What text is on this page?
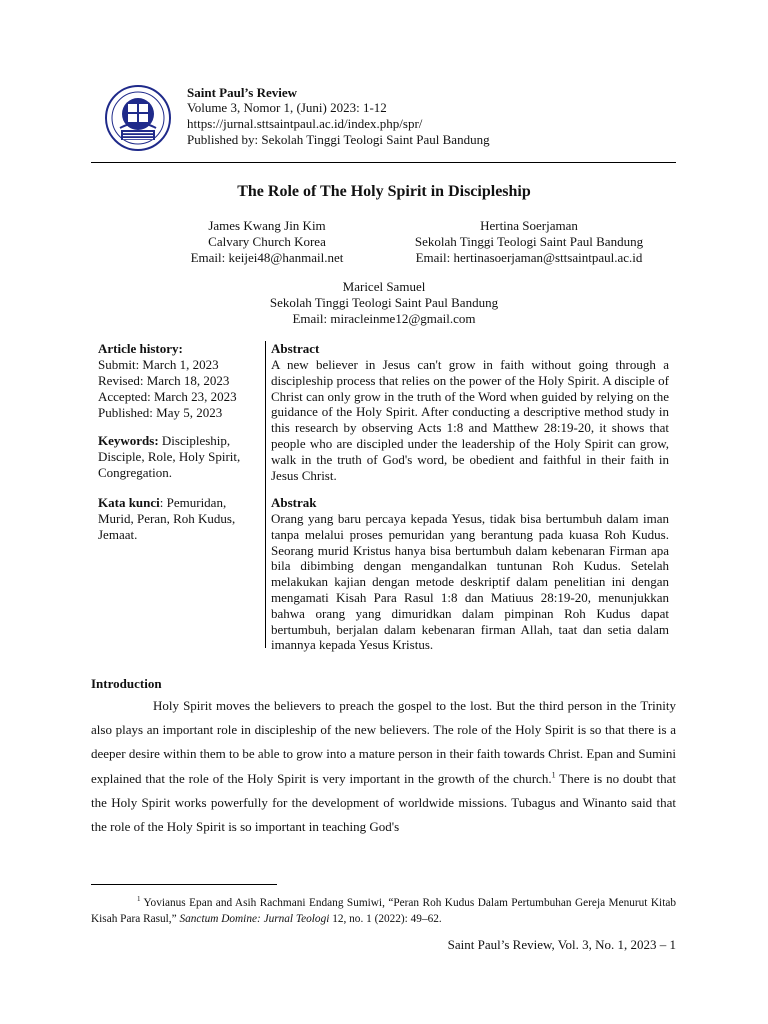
Saint Paul’s Review
Volume 3, Nomor 1, (Juni) 2023: 1-12
https://jurnal.sttsaintpaul.ac.id/index.php/spr/
Published by: Sekolah Tinggi Teologi Saint Paul Bandung
The Role of The Holy Spirit in Discipleship
James Kwang Jin Kim
Calvary Church Korea
Email: keijei48@hanmail.net
Hertina Soerjaman
Sekolah Tinggi Teologi Saint Paul Bandung
Email: hertinasoerjaman@sttsaintpaul.ac.id
Maricel Samuel
Sekolah Tinggi Teologi Saint Paul Bandung
Email: miracleinme12@gmail.com
Article history:
Submit: March 1, 2023
Revised: March 18, 2023
Accepted: March 23, 2023
Published: May 5, 2023
Keywords: Discipleship, Disciple, Role, Holy Spirit, Congregation.
Kata kunci: Pemuridan, Murid, Peran, Roh Kudus, Jemaat.
Abstract
A new believer in Jesus can't grow in faith without going through a discipleship process that relies on the power of the Holy Spirit. A disciple of Christ can only grow in the truth of the Word when guided by relying on the guidance of the Holy Spirit. After conducting a descriptive method study in this research by observing Acts 1:8 and Matthew 28:19-20, it shows that people who are discipled under the leadership of the Holy Spirit can grow, walk in the truth of God's word, be obedient and faithful in their faith in Jesus Christ.
Abstrak
Orang yang baru percaya kepada Yesus, tidak bisa bertumbuh dalam iman tanpa melalui proses pemuridan yang berantung pada kuasa Roh Kudus. Seorang murid Kristus hanya bisa bertumbuh dalam kebenaran Firman apa bila dibimbing dengan mengandalkan tuntunan Roh Kudus. Setelah melakukan kajian dengan metode deskriptif dalam penelitian ini dengan mengamati Kisah Para Rasul 1:8 dan Matiuus 28:19-20, menunjukkan bahwa orang yang dimuridkan dalam pimpinan Roh Kudus dapat bertumbuh, berjalan dalam kebenaran firman Allah, taat dan setia dalam imannya kepada Yesus Kristus.
Introduction
Holy Spirit moves the believers to preach the gospel to the lost. But the third person in the Trinity also plays an important role in discipleship of the new believers. The role of the Holy Spirit is so that there is a deeper desire within them to be able to grow into a mature person in their faith towards Christ. Epan and Sumini explained that the role of the Holy Spirit is very important in the growth of the church.$^1$ There is no doubt that the Holy Spirit works powerfully for the development of worldwide missions. Tubagus and Winanto said that the role of the Holy Spirit is so important in teaching God's
$^1$ Yovianus Epan and Asih Rachmani Endang Sumiwi, “Peran Roh Kudus Dalam Pertumbuhan Gereja Menurut Kitab Kisah Para Rasul,” Sanctum Domine: Jurnal Teologi 12, no. 1 (2022): 49–62.
Saint Paul’s Review, Vol. 3, No. 1, 2023 – 1
